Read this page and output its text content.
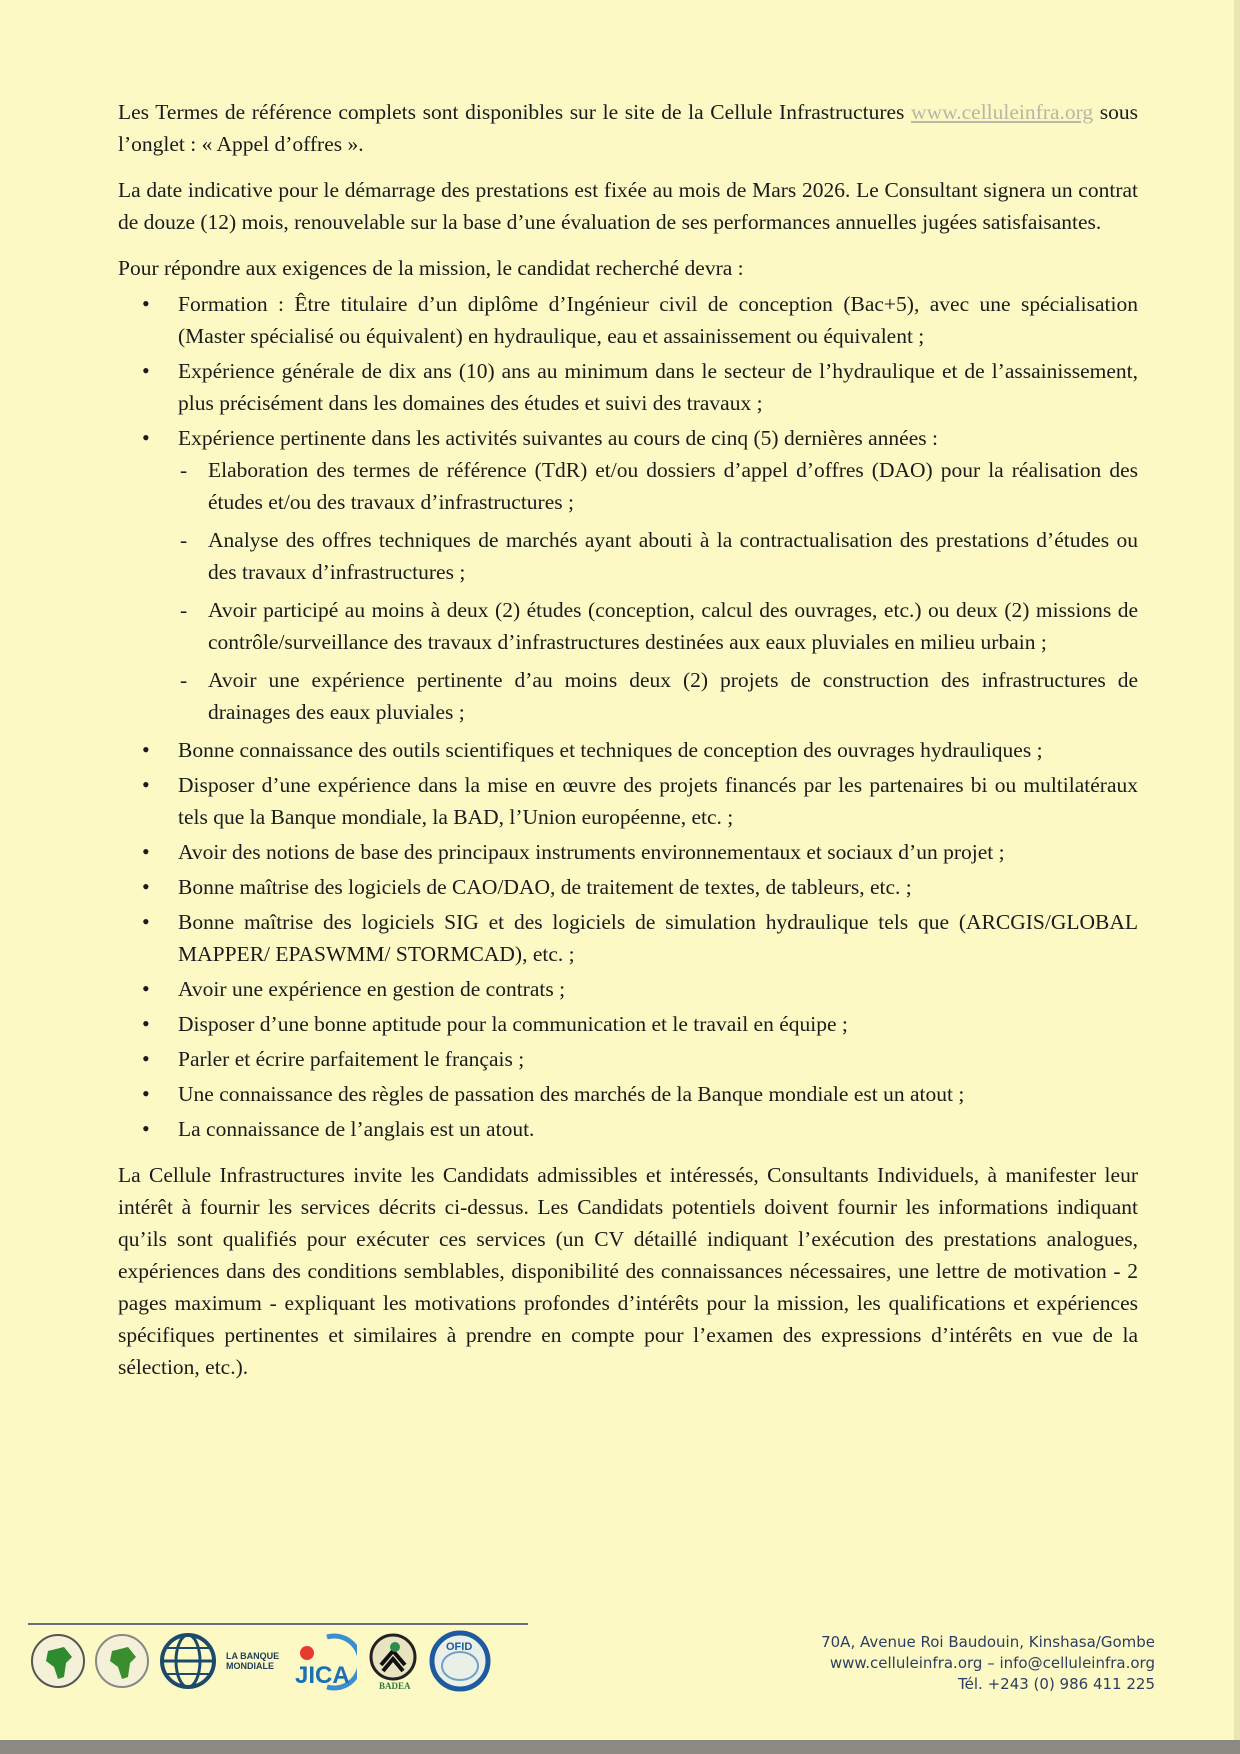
Les Termes de référence complets sont disponibles sur le site de la Cellule Infrastructures www.celluleinfra.org sous l’onglet : « Appel d’offres ».

La date indicative pour le démarrage des prestations est fixée au mois de Mars 2026. Le Consultant signera un contrat de douze (12) mois, renouvelable sur la base d’une évaluation de ses performances annuelles jugées satisfaisantes.

Pour répondre aux exigences de la mission, le candidat recherché devra :

• Formation : Être titulaire d’un diplôme d’Ingénieur civil de conception (Bac+5), avec une spécialisation (Master spécialisé ou équivalent) en hydraulique, eau et assainissement ou équivalent ;
• Expérience générale de dix ans (10) ans au minimum dans le secteur de l’hydraulique et de l’assainissement, plus précisément dans les domaines des études et suivi des travaux ;
• Expérience pertinente dans les activités suivantes au cours de cinq (5) dernières années :
- Elaboration des termes de référence (TdR) et/ou dossiers d’appel d’offres (DAO) pour la réalisation des études et/ou des travaux d’infrastructures ;
- Analyse des offres techniques de marchés ayant abouti à la contractualisation des prestations d’études ou des travaux d’infrastructures ;
- Avoir participé au moins à deux (2) études (conception, calcul des ouvrages, etc.) ou deux (2) missions de contrôle/surveillance des travaux d’infrastructures destinées aux eaux pluviales en milieu urbain ;
- Avoir une expérience pertinente d’au moins deux (2) projets de construction des infrastructures de drainages des eaux pluviales ;
• Bonne connaissance des outils scientifiques et techniques de conception des ouvrages hydrauliques ;
• Disposer d’une expérience dans la mise en œuvre des projets financés par les partenaires bi ou multilatéraux tels que la Banque mondiale, la BAD, l’Union européenne, etc. ;
• Avoir des notions de base des principaux instruments environnementaux et sociaux d’un projet ;
• Bonne maîtrise des logiciels de CAO/DAO, de traitement de textes, de tableurs, etc. ;
• Bonne maîtrise des logiciels SIG et des logiciels de simulation hydraulique tels que (ARCGIS/GLOBAL MAPPER/ EPASWMM/ STORMCAD), etc. ;
• Avoir une expérience en gestion de contrats ;
• Disposer d’une bonne aptitude pour la communication et le travail en équipe ;
• Parler et écrire parfaitement le français ;
• Une connaissance des règles de passation des marchés de la Banque mondiale est un atout ;
• La connaissance de l’anglais est un atout.

La Cellule Infrastructures invite les Candidats admissibles et intéressés, Consultants Individuels, à manifester leur intérêt à fournir les services décrits ci-dessus. Les Candidats potentiels doivent fournir les informations indiquant qu’ils sont qualifiés pour exécuter ces services (un CV détaillé indiquant l’exécution des prestations analogues, expériences dans des conditions semblables, disponibilité des connaissances nécessaires, une lettre de motivation - 2 pages maximum - expliquant les motivations profondes d’intérêts pour la mission, les qualifications et expériences spécifiques pertinentes et similaires à prendre en compte pour l’examen des expressions d’intérêts en vue de la sélection, etc.).

LA BANQUE
MONDIALE JICA	BADEA
OFID	70A, Avenue Roi Baudouin, Kinshasa/Gombe
www.celluleinfra.org – info@celluleinfra.org
Tél. +243 (0) 986 411 225
